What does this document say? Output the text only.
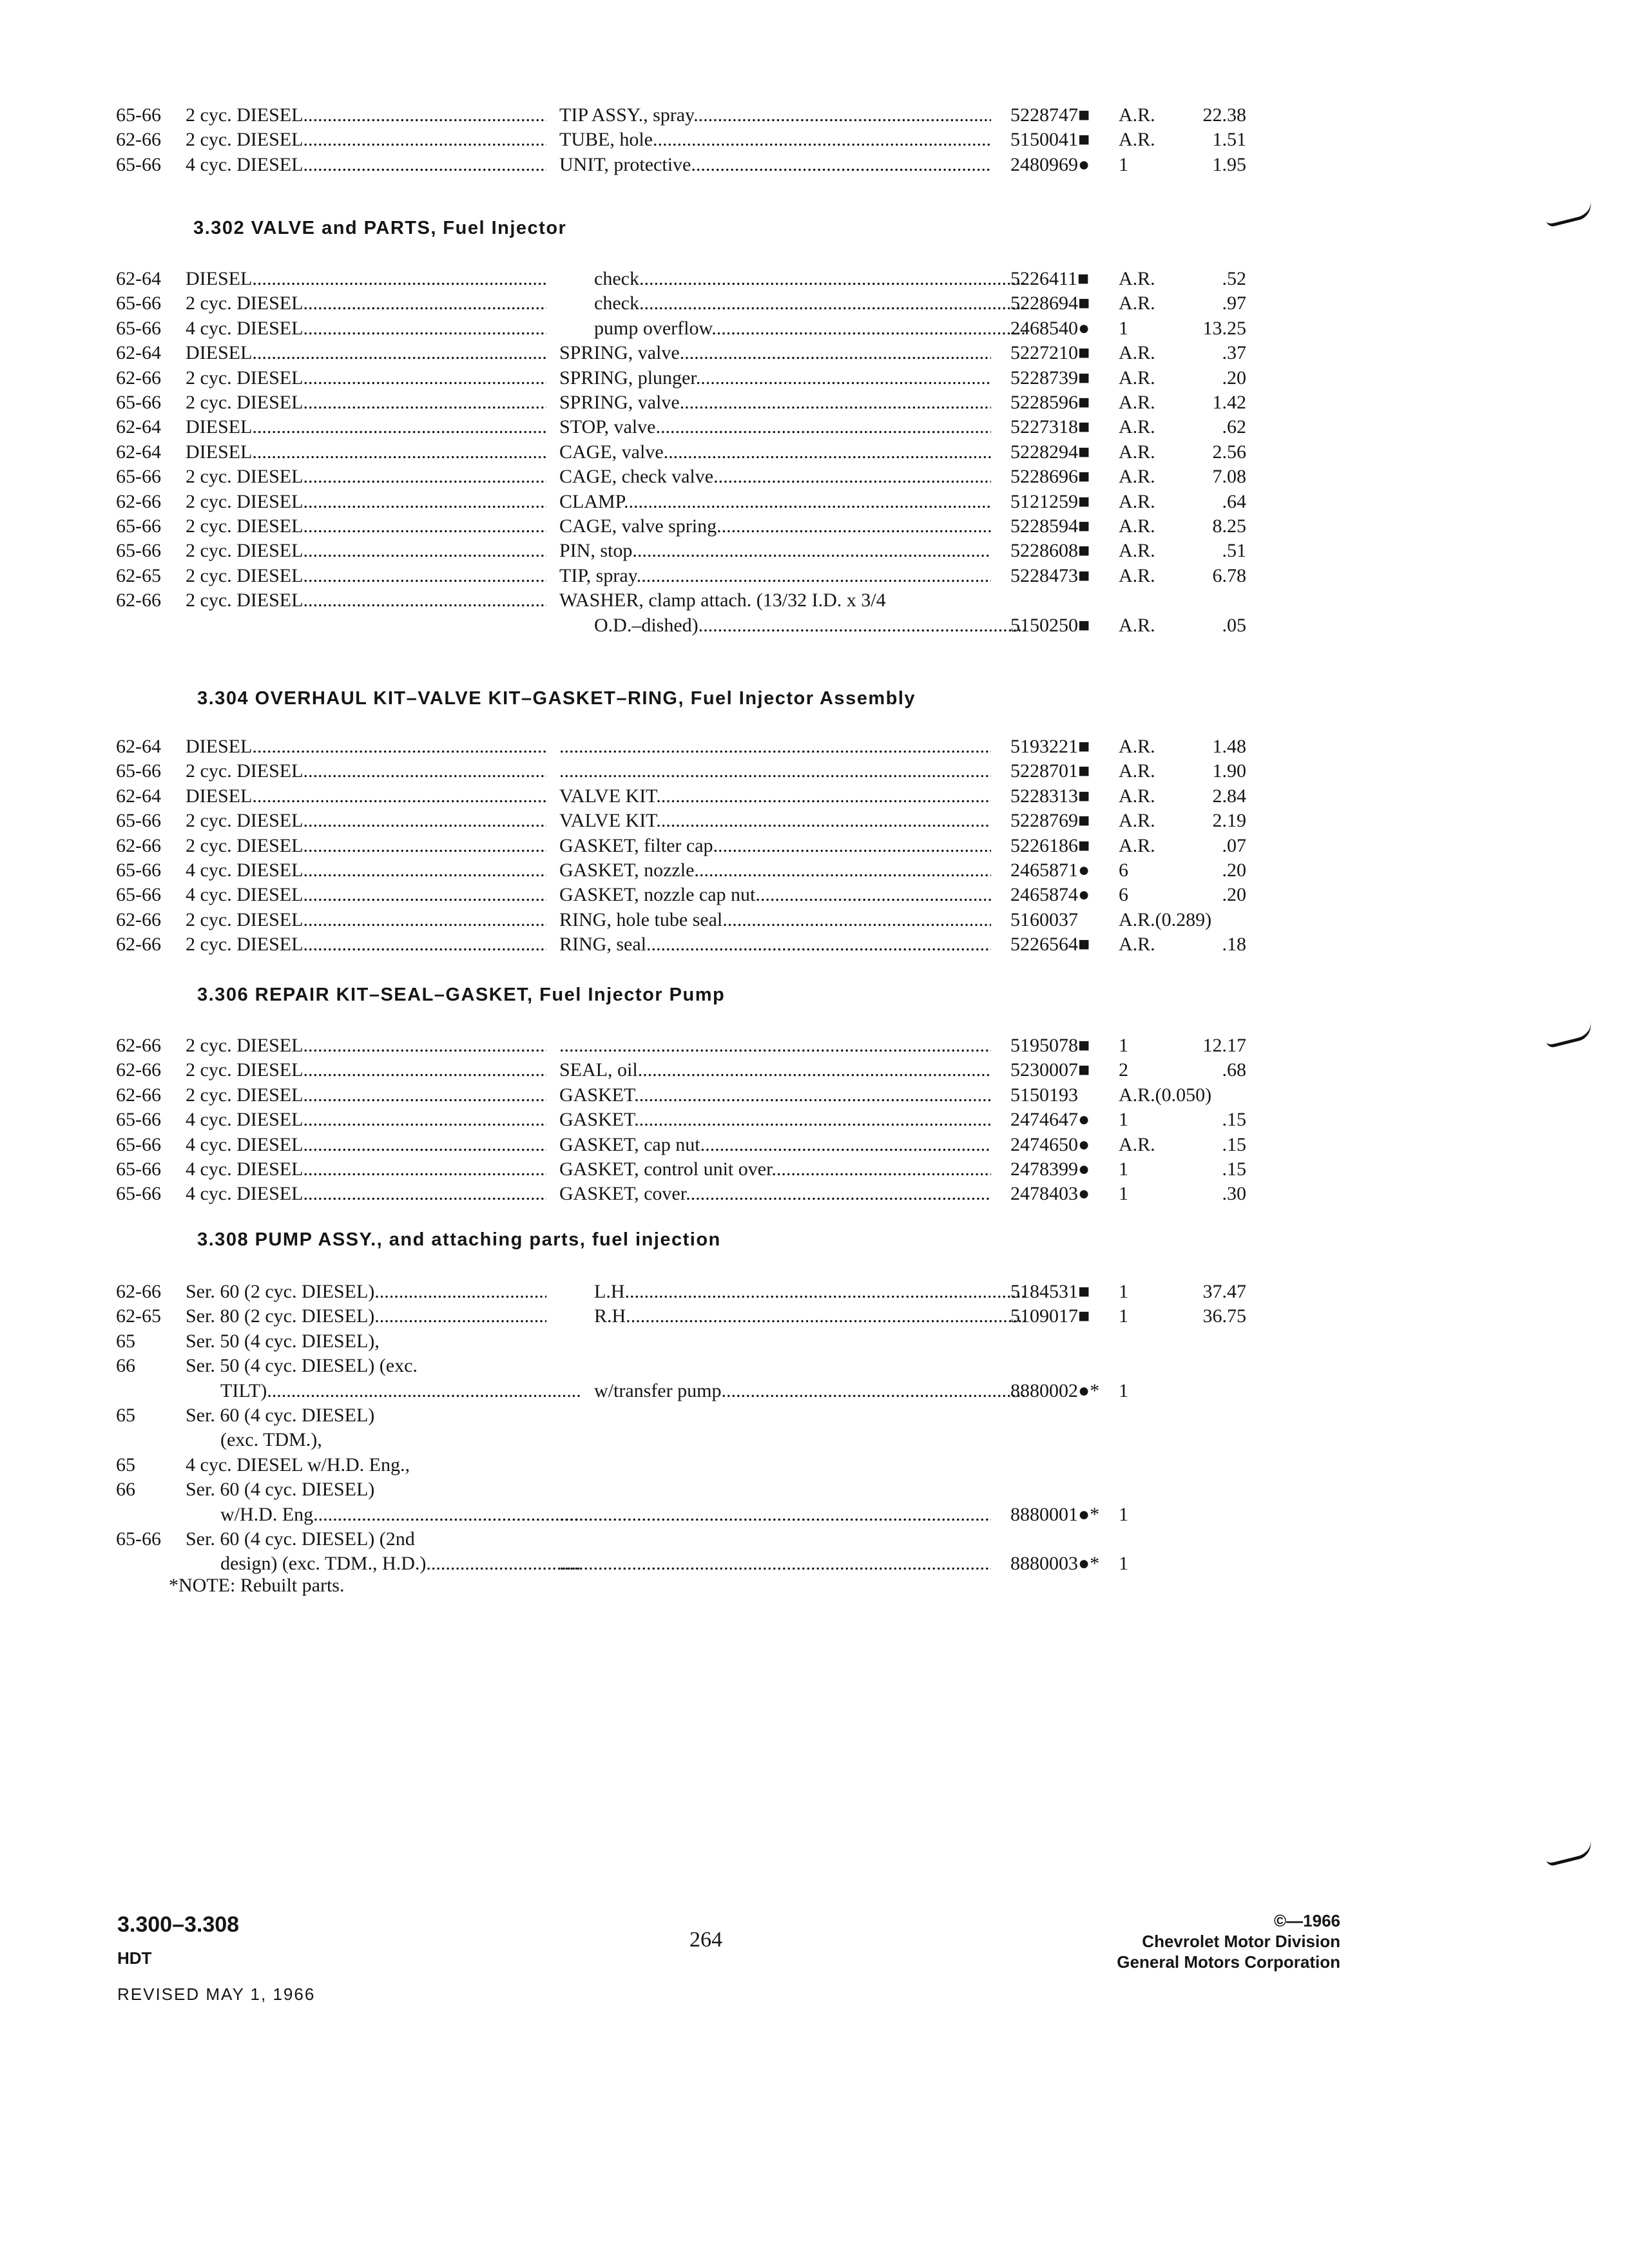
65-66 2 cyc. DIESEL .....	TIP ASSY., spray .....	5228747■ A.R.	22.38
62-66 2 cyc. DIESEL .....	TUBE, hole .....	5150041■ A.R.	1.51
65-66 4 cyc. DIESEL .....	UNIT, protective .....	2480969● 1	1.95
3.302 VALVE and PARTS, Fuel Injector
62-64 DIESEL .....	check .....	5226411■ A.R.	.52
65-66 2 cyc. DIESEL .....	check .....	5228694■ A.R.	.97
65-66 4 cyc. DIESEL .....	pump overflow .....	2468540● 1	13.25
62-64 DIESEL .....	SPRING, valve .....	5227210■ A.R.	.37
62-66 2 cyc. DIESEL .....	SPRING, plunger .....	5228739■ A.R.	.20
65-66 2 cyc. DIESEL .....	SPRING, valve .....	5228596■ A.R.	1.42
62-64 DIESEL .....	STOP, valve .....	5227318■ A.R.	.62
62-64 DIESEL .....	CAGE, valve .....	5228294■ A.R.	2.56
65-66 2 cyc. DIESEL .....	CAGE, check valve .....	5228696■ A.R.	7.08
62-66 2 cyc. DIESEL .....	CLAMP .....	5121259■ A.R.	.64
65-66 2 cyc. DIESEL .....	CAGE, valve spring .....	5228594■ A.R.	8.25
65-66 2 cyc. DIESEL .....	PIN, stop .....	5228608■ A.R.	.51
62-65 2 cyc. DIESEL .....	TIP, spray .....	5228473■ A.R.	6.78
62-66 2 cyc. DIESEL .....	WASHER, clamp attach. (13/32 I.D. x 3/4
O.D.–dished) .....	5150250■ A.R.	.05
3.304 OVERHAUL KIT–VALVE KIT–GASKET–RING, Fuel Injector Assembly
62-64 DIESEL ..... .....	5193221■ A.R.	1.48
65-66 2 cyc. DIESEL ..... .....	5228701■ A.R.	1.90
62-64 DIESEL .....	VALVE KIT .....	5228313■ A.R.	2.84
65-66 2 cyc. DIESEL .....	VALVE KIT .....	5228769■ A.R.	2.19
62-66 2 cyc. DIESEL .....	GASKET, filter cap .....	5226186■ A.R.	.07
65-66 4 cyc. DIESEL .....	GASKET, nozzle .....	2465871● 6	.20
65-66 4 cyc. DIESEL .....	GASKET, nozzle cap nut .....	2465874● 6	.20
62-66 2 cyc. DIESEL .....	RING, hole tube seal .....	5160037 A.R.(0.289)
62-66 2 cyc. DIESEL .....	RING, seal .....	5226564■ A.R.	.18
3.306 REPAIR KIT–SEAL–GASKET, Fuel Injector Pump
62-66 2 cyc. DIESEL ..... .....	5195078■ 1	12.17
62-66 2 cyc. DIESEL .....	SEAL, oil .....	5230007■ 2	.68
62-66 2 cyc. DIESEL .....	GASKET .....	5150193 A.R.(0.050)
65-66 4 cyc. DIESEL .....	GASKET .....	2474647● 1	.15
65-66 4 cyc. DIESEL .....	GASKET, cap nut .....	2474650● A.R.	.15
65-66 4 cyc. DIESEL .....	GASKET, control unit over .....	2478399● 1	.15
65-66 4 cyc. DIESEL .....	GASKET, cover .....	2478403● 1	.30
3.308 PUMP ASSY., and attaching parts, fuel injection
62-66 Ser. 60 (2 cyc. DIESEL) .....	L.H. .....	5184531■ 1	37.47
62-65 Ser. 80 (2 cyc. DIESEL) .....	R.H. .....	5109017■ 1	36.75
65	Ser. 50 (4 cyc. DIESEL),
66	Ser. 50 (4 cyc. DIESEL) (exc.
TILT) .....	w/transfer pump .....	8880002●* 1
65	Ser. 60 (4 cyc. DIESEL)
(exc. TDM.),
65	4 cyc. DIESEL w/H.D. Eng.,
66	Ser. 60 (4 cyc. DIESEL)
w/H.D. Eng. ..... .....	8880001●* 1
65-66 Ser. 60 (4 cyc. DIESEL) (2nd
design) (exc. TDM., H.D.) ..... .....	8880003●* 1
*NOTE: Rebuilt parts.
3.300–3.308
HDT
REVISED MAY 1, 1966
264
©—1966
Chevrolet Motor Division
General Motors Corporation
